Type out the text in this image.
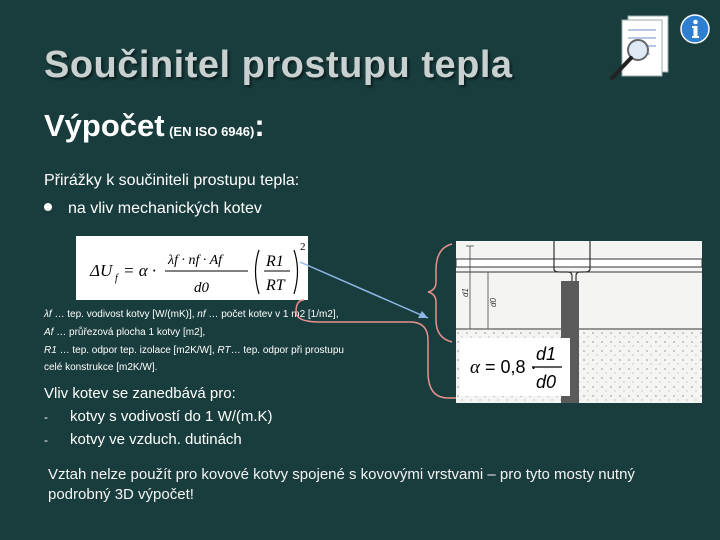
Součinitel prostupu tepla
Výpočet (EN ISO 6946):
Přirážky k součiniteli prostupu tepla:
na vliv mechanických kotev
ΔU f = α ·
λf · nf · Af
d0
R1
RT
2
λf … tep. vodivost kotvy [W/(mK)], nf … počet kotev v 1 m2 [1/m2],
Af … průřezová plocha 1 kotvy [m2],
R1 … tep. odpor tep. izolace [m2K/W], RT… tep. odpor při prostupu
celé konstrukce [m2K/W].
Vliv kotev se zanedbává pro:
- kotvy s vodivostí do 1 W/(m.K)
- kotvy ve vzduch. dutinách
Vztah nelze použít pro kovové kotvy spojené s kovovými vrstvami – pro tyto mosty nutný podrobný 3D výpočet!
d1
d0
α = 0,8 ·
d1
d0
